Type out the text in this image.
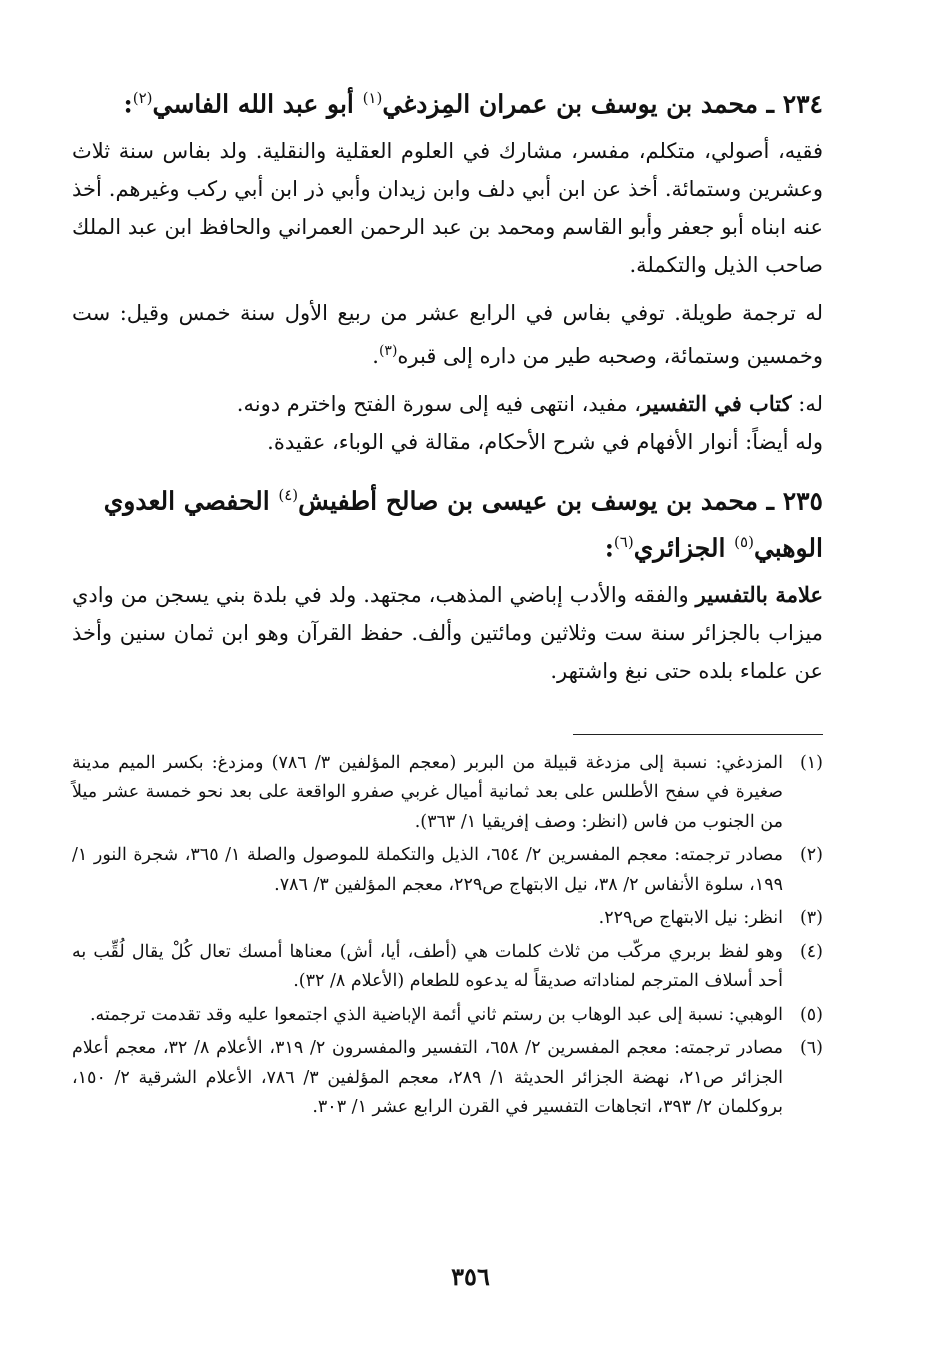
٢٣٤ ـ محمد بن يوسف بن عمران المِزدغي$^{(١)}$ أبو عبد الله الفاسي$^{(٢)}$:

فقيه، أصولي، متكلم، مفسر، مشارك في العلوم العقلية والنقلية. ولد بفاس سنة ثلاث وعشرين وستمائة. أخذ عن ابن أبي دلف وابن زيدان وأبي ذر ابن أبي ركب وغيرهم. أخذ عنه ابناه أبو جعفر وأبو القاسم ومحمد بن عبد الرحمن العمراني والحافظ ابن عبد الملك صاحب الذيل والتكملة.

له ترجمة طويلة. توفي بفاس في الرابع عشر من ربيع الأول سنة خمس وقيل: ست وخمسين وستمائة، وصحبه طير من داره إلى قبره$^{(٣)}$.

له: كتاب في التفسير، مفيد، انتهى فيه إلى سورة الفتح واخترم دونه.

وله أيضاً: أنوار الأفهام في شرح الأحكام، مقالة في الوباء، عقيدة.

٢٣٥ ـ محمد بن يوسف بن عيسى بن صالح أطفيش$^{(٤)}$ الحفصي العدوي الوهبي$^{(٥)}$ الجزائري$^{(٦)}$:

علامة بالتفسير والفقه والأدب إباضي المذهب، مجتهد. ولد في بلدة بني يسجن من وادي ميزاب بالجزائر سنة ست وثلاثين ومائتين وألف. حفظ القرآن وهو ابن ثمان سنين وأخذ عن علماء بلده حتى نبغ واشتهر.

(١)
المزدغي: نسبة إلى مزدغة قبيلة من البربر (معجم المؤلفين ٣/ ٧٨٦) ومزدغ: بكسر الميم مدينة صغيرة في سفح الأطلس على بعد ثمانية أميال غربي صفرو الواقعة على بعد نحو خمسة عشر ميلاً من الجنوب من فاس (انظر: وصف إفريقيا ١/ ٣٦٣).
(٢)
مصادر ترجمته: معجم المفسرين ٢/ ٦٥٤، الذيل والتكملة للموصول والصلة ١/ ٣٦٥، شجرة النور ١/ ١٩٩، سلوة الأنفاس ٢/ ٣٨، نيل الابتهاج ص٢٢٩، معجم المؤلفين ٣/ ٧٨٦.
(٣)
انظر: نيل الابتهاج ص٢٢٩.
(٤)
وهو لفظ بربري مركّب من ثلاث كلمات هي (أطف، أيا، أش) معناها أمسك تعال كُلْ يقال لُقِّب به أحد أسلاف المترجم لمناداته صديقاً له يدعوه للطعام (الأعلام ٨/ ٣٢).
(٥)
الوهبي: نسبة إلى عبد الوهاب بن رستم ثاني أئمة الإباضية الذي اجتمعوا عليه وقد تقدمت ترجمته.
(٦)
مصادر ترجمته: معجم المفسرين ٢/ ٦٥٨، التفسير والمفسرون ٢/ ٣١٩، الأعلام ٨/ ٣٢، معجم أعلام الجزائر ص٢١، نهضة الجزائر الحديثة ١/ ٢٨٩، معجم المؤلفين ٣/ ٧٨٦، الأعلام الشرقية ٢/ ١٥٠، بروكلمان ٢/ ٣٩٣، اتجاهات التفسير في القرن الرابع عشر ١/ ٣٠٣.
٣٥٦
